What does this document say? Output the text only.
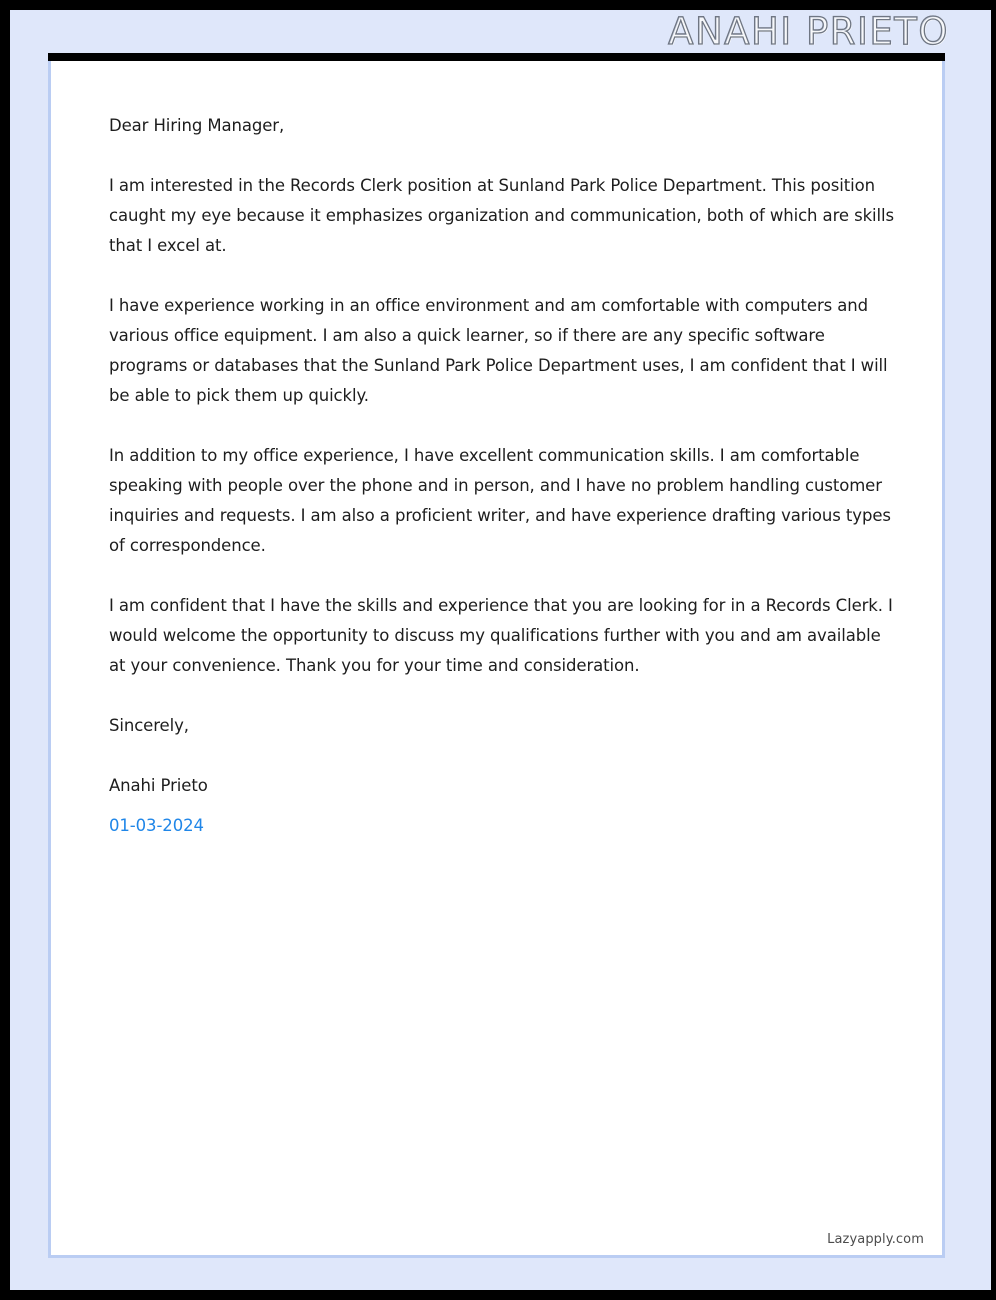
ANAHI PRIETO

Dear Hiring Manager,

I am interested in the Records Clerk position at Sunland Park Police Department. This position caught my eye because it emphasizes organization and communication, both of which are skills that I excel at.

I have experience working in an office environment and am comfortable with computers and various office equipment. I am also a quick learner, so if there are any specific software programs or databases that the Sunland Park Police Department uses, I am confident that I will be able to pick them up quickly.

In addition to my office experience, I have excellent communication skills. I am comfortable speaking with people over the phone and in person, and I have no problem handling customer inquiries and requests. I am also a proficient writer, and have experience drafting various types of correspondence.

I am confident that I have the skills and experience that you are looking for in a Records Clerk. I would welcome the opportunity to discuss my qualifications further with you and am available at your convenience. Thank you for your time and consideration.

Sincerely,

Anahi Prieto

01-03-2024

Lazyapply.com
